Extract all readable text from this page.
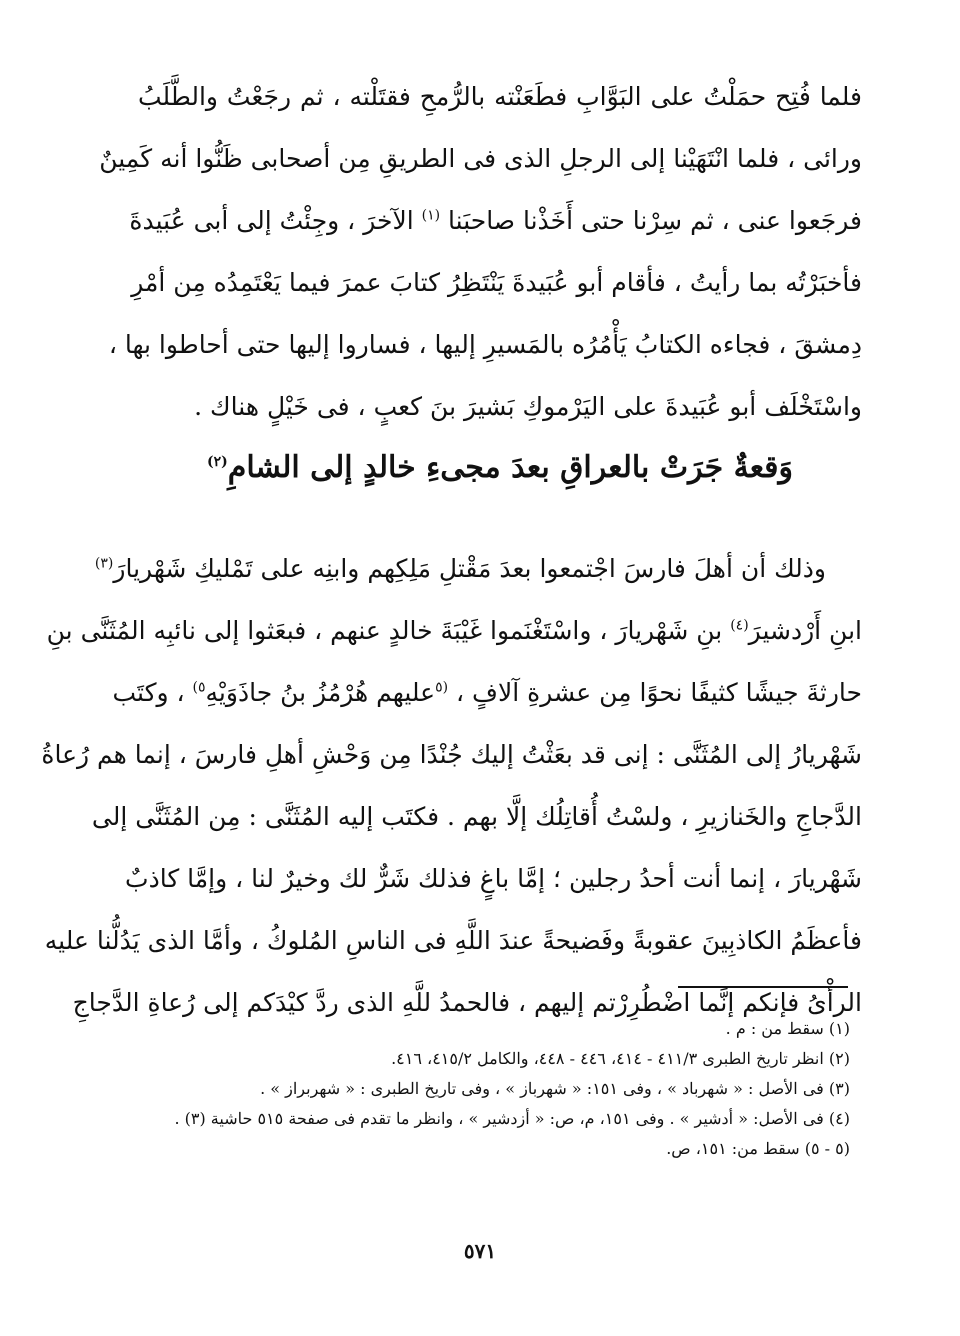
فلما فُتِح حمَلْتُ على البَوَّابِ فطَعَنْته بالرُّمحِ فقتَلْته ، ثم رجَعْتُ والطَّلَبُ
ورائى ، فلما انْتَهَيْنا إلى الرجلِ الذى فى الطريقِ مِن أصحابى ظَنُّوا أنه كَمِينٌ
فرجَعوا عنى ، ثم سِرْنا حتى أَخَذْنا صاحبَنا $^{(١)}$ الآخرَ ، وجِئْتُ إلى أبى عُبَيدةَ
فأخبَرْتُه بما رأيتُ ، فأقام أبو عُبَيدةَ يَنْتَظِرُ كتابَ عمرَ فيما يَعْتَمِدُه مِن أمْرِ
دِمشقَ ، فجاءه الكتابُ يَأْمُرُه بالمَسيرِ إليها ، فساروا إليها حتى أحاطوا بها ،
واسْتَخْلَف أبو عُبَيدةَ على اليَرْموكِ بَشيرَ بنَ كعبٍ ، فى خَيْلٍ هناك .
وَقعةٌ جَرَتْ بالعراقِ بعدَ مجىءِ خالدٍ إلى الشامِ$^{(٢)}$
وذلك أن أهلَ فارسَ اجْتمعوا بعدَ مَقْتلِ مَلِكِهم وابنِه على تَمْليكِ شَهْريارَ$^{(٣)}$
ابنِ أَرْدشيرَ$^{(٤)}$ بنِ شَهْريارَ ، واسْتَغْنَموا غَيْبَةَ خالدٍ عنهم ، فبعَثوا إلى نائبِه المُثَنَّى بنِ
حارثةَ جيشًا كثيفًا نحوًا مِن عشرةِ آلافٍ ، $^{(٥}$عليهم هُرْمُزُ بنُ جاذَوَيْهِ$^{٥)}$ ، وكتَب
شَهْريارُ إلى المُثَنَّى : إنى قد بعَثْتُ إليك جُنْدًا مِن وَحْشِ أهلِ فارسَ ، إنما هم رُعاةُ
الدَّجاجِ والخَنازيرِ ، ولسْتُ أُقاتِلُك إلَّا بهم . فكتَب إليه المُثَنَّى : مِن المُثَنَّى إلى
شَهْريارَ ، إنما أنت أحدُ رجلين ؛ إمَّا باغٍ فذلك شَرٌّ لك وخيرٌ لنا ، وإمَّا كاذبٌ
فأعظَمُ الكاذبِينَ عقوبةً وفَضيحةً عندَ اللَّهِ فى الناسِ المُلوكُ ، وأمَّا الذى يَدُلُّنا عليه
الرأْىُ فإنكم إنَّما اضْطُرِرْتم إليهم ، فالحمدُ للَّهِ الذى ردَّ كيْدَكم إلى رُعاةِ الدَّجاجِ
(١) سقط من : م .
(٢) انظر تاريخ الطبرى ٤١١/٣ - ٤١٤، ٤٤٦ - ٤٤٨، والكامل ٤١٥/٢، ٤١٦.
(٣) فى الأصل : « شهرباد » ، وفى ١٥١: « شهرباز » ، وفى تاريخ الطبرى : « شهربراز » .
(٤) فى الأصل: « أدشير » . وفى ١٥١، م، ص: « أزدشير » ، وانظر ما تقدم فى صفحة ٥١٥ حاشية (٣) .
(٥ - ٥) سقط من: ١٥١، ص.
٥٧١
